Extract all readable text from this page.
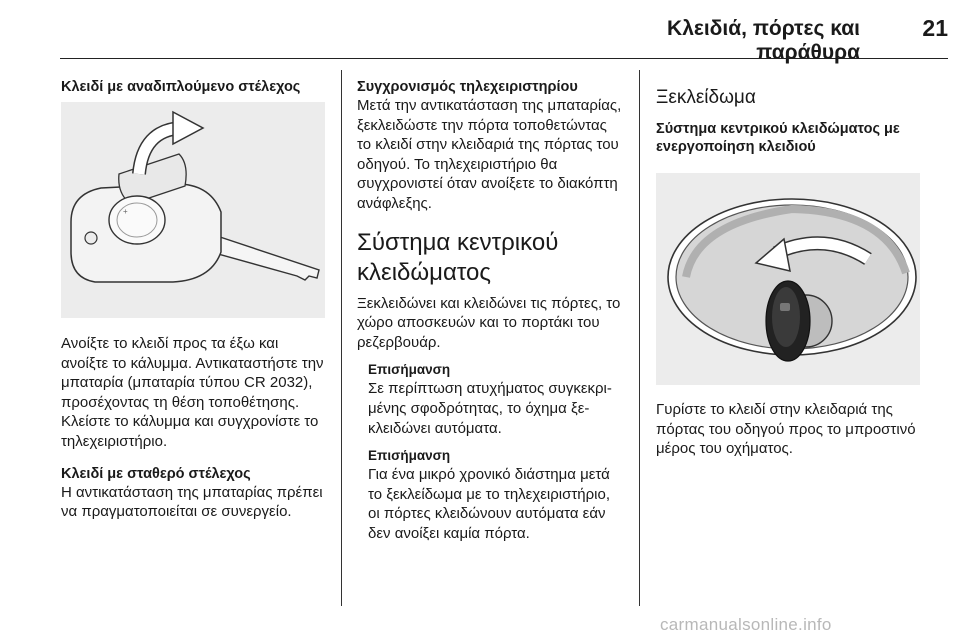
Κλειδιά, πόρτες και παράθυρα
21
Κλειδί με αναδιπλούμενο στέλεχος
+

Ανοίξτε το κλειδί προς τα έξω και ανοίξτε το κάλυμμα. Αντικαταστήστε την μπαταρία (μπαταρία τύπου CR 2032), προσέχοντας τη θέση τοποθέτησης. Κλείστε το κάλυμμα και συγχρονίστε το τηλεχειριστήριο.

Κλειδί με σταθερό στέλεχος

Η αντικατάσταση της μπαταρίας πρέπει να πραγματοποιείται σε συνεργείο.

Συγχρονισμός τηλεχειριστηρίου

Μετά την αντικατάσταση της μπαταρίας, ξεκλειδώστε την πόρτα τοποθετώντας το κλειδί στην κλειδαριά της πόρτας του οδηγού. Το τηλεχειριστήριο θα συγχρονιστεί όταν ανοίξετε το διακόπτη ανάφλεξης.

Σύστημα κεντρικού κλειδώματος

Ξεκλειδώνει και κλειδώνει τις πόρτες, το χώρο αποσκευών και το πορτάκι του ρεζερβουάρ.

Επισήμανση

Σε περίπτωση ατυχήματος συγκεκριμένης σφοδρότητας, το όχημα ξεκλειδώνει αυτόματα.

Επισήμανση

Για ένα μικρό χρονικό διάστημα μετά το ξεκλείδωμα με το τηλεχειριστήριο, οι πόρτες κλειδώνουν αυτόματα εάν δεν ανοίξει καμία πόρτα.

Ξεκλείδωμα
Σύστημα κεντρικού κλειδώματος με ενεργοποίηση κλειδιού

Γυρίστε το κλειδί στην κλειδαριά της πόρτας του οδηγού προς το μπροστινό μέρος του οχήματος.

carmanualsonline.info
